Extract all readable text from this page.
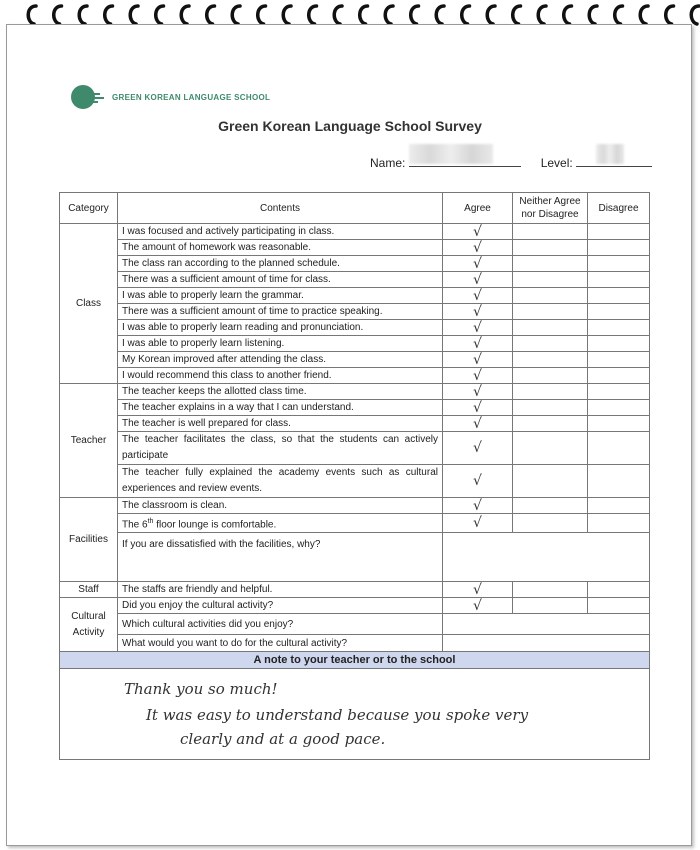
GREEN KOREAN LANGUAGE SCHOOL
Green Korean Language School Survey
Name:	Level:
Category	Contents	Agree	Neither Agree nor Disagree	Disagree
Class	I was focused and actively participating in class.	√		
	The amount of homework was reasonable.	√		
	The class ran according to the planned schedule.	√		
	There was a sufficient amount of time for class.	√		
	I was able to properly learn the grammar.	√		
	There was a sufficient amount of time to practice speaking.	√		
	I was able to properly learn reading and pronunciation.	√		
	I was able to properly learn listening.	√		
	My Korean improved after attending the class.	√		
	I would recommend this class to another friend.	√		
Teacher	The teacher keeps the allotted class time.	√		
	The teacher explains in a way that I can understand.	√		
	The teacher is well prepared for class.	√		
	The teacher facilitates the class, so that the students can actively participate	√		
	The teacher fully explained the academy events such as cultural experiences and review events.	√		
Facilities	The classroom is clean.	√		
	The 6th floor lounge is comfortable.	√		
	If you are dissatisfied with the facilities, why?			
Staff	The staffs are friendly and helpful.	√		
Cultural Activity	Did you enjoy the cultural activity?	√		
	Which cultural activities did you enjoy?			
	What would you want to do for the cultural activity?			
A note to your teacher or to the school				

Thank you so much!
It was easy to understand because you spoke very
clearly and at a good pace.
